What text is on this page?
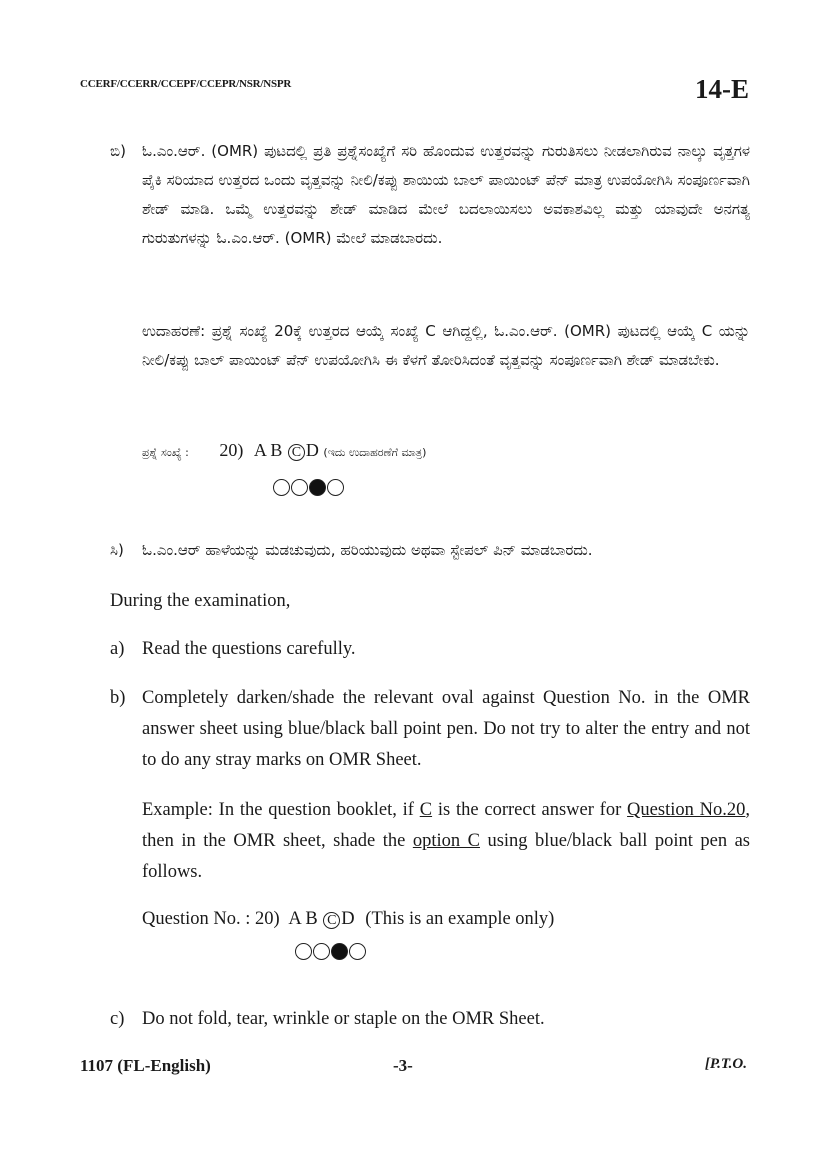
CCERF/CCERR/CCEPF/CCEPR/NSR/NSPR	14-E
ಬಿ)	ಓ.ಎಂ.ಆರ್. (OMR) ಪುಟದಲ್ಲಿ ಪ್ರತಿ ಪ್ರಶ್ನೆಸಂಖ್ಯೆಗೆ ಸರಿ ಹೊಂದುವ ಉತ್ತರವನ್ನು ಗುರುತಿಸಲು ನೀಡಲಾಗಿರುವ ನಾಲ್ಕು ವೃತ್ತಗಳ ಪೈಕಿ ಸರಿಯಾದ ಉತ್ತರದ ಒಂದು ವೃತ್ತವನ್ನು ನೀಲಿ/ಕಪ್ಪು ಶಾಯಿಯ ಬಾಲ್ ಪಾಯಿಂಟ್ ಪೆನ್ ಮಾತ್ರ ಉಪಯೋಗಿಸಿ ಸಂಪೂರ್ಣವಾಗಿ ಶೇಡ್ ಮಾಡಿ. ಒಮ್ಮೆ ಉತ್ತರವನ್ನು ಶೇಡ್ ಮಾಡಿದ ಮೇಲೆ ಬದಲಾಯಿಸಲು ಅವಕಾಶವಿಲ್ಲ ಮತ್ತು ಯಾವುದೇ ಅನಗತ್ಯ ಗುರುತುಗಳನ್ನು ಓ.ಎಂ.ಆರ್. (OMR) ಮೇಲೆ ಮಾಡಬಾರದು.
ಉದಾಹರಣೆ: ಪ್ರಶ್ನೆ ಸಂಖ್ಯೆ 20ಕ್ಕೆ ಉತ್ತರದ ಆಯ್ಕೆ ಸಂಖ್ಯೆ C ಆಗಿದ್ದಲ್ಲಿ, ಓ.ಎಂ.ಆರ್. (OMR) ಪುಟದಲ್ಲಿ ಆಯ್ಕೆ C ಯನ್ನು ನೀಲಿ/ಕಪ್ಪು ಬಾಲ್ ಪಾಯಿಂಟ್ ಪೆನ್ ಉಪಯೋಗಿಸಿ ಈ ಕೆಳಗೆ ತೋರಿಸಿದಂತೆ ವೃತ್ತವನ್ನು ಸಂಪೂರ್ಣವಾಗಿ ಶೇಡ್ ಮಾಡಬೇಕು.
ಪ್ರಶ್ನೆ ಸಂಖ್ಯೆ : 20) A B C D (ಇದು ಉದಾಹರಣೆಗೆ ಮಾತ್ರ)
ಸಿ)	ಓ.ಎಂ.ಆರ್ ಹಾಳೆಯನ್ನು ಮಡಚುವುದು, ಹರಿಯುವುದು ಅಥವಾ ಸ್ಟೇಪಲ್ ಪಿನ್ ಮಾಡಬಾರದು.
During the examination,
a) Read the questions carefully.
b) Completely darken/shade the relevant oval against Question No. in the OMR answer sheet using blue/black ball point pen. Do not try to alter the entry and not to do any stray marks on OMR Sheet.
Example: In the question booklet, if C is the correct answer for Question No.20, then in the OMR sheet, shade the option C using blue/black ball point pen as follows.
Question No. : 20) A B C D (This is an example only)
c) Do not fold, tear, wrinkle or staple on the OMR Sheet.
1107 (FL-English)	-3-	[P.T.O.
